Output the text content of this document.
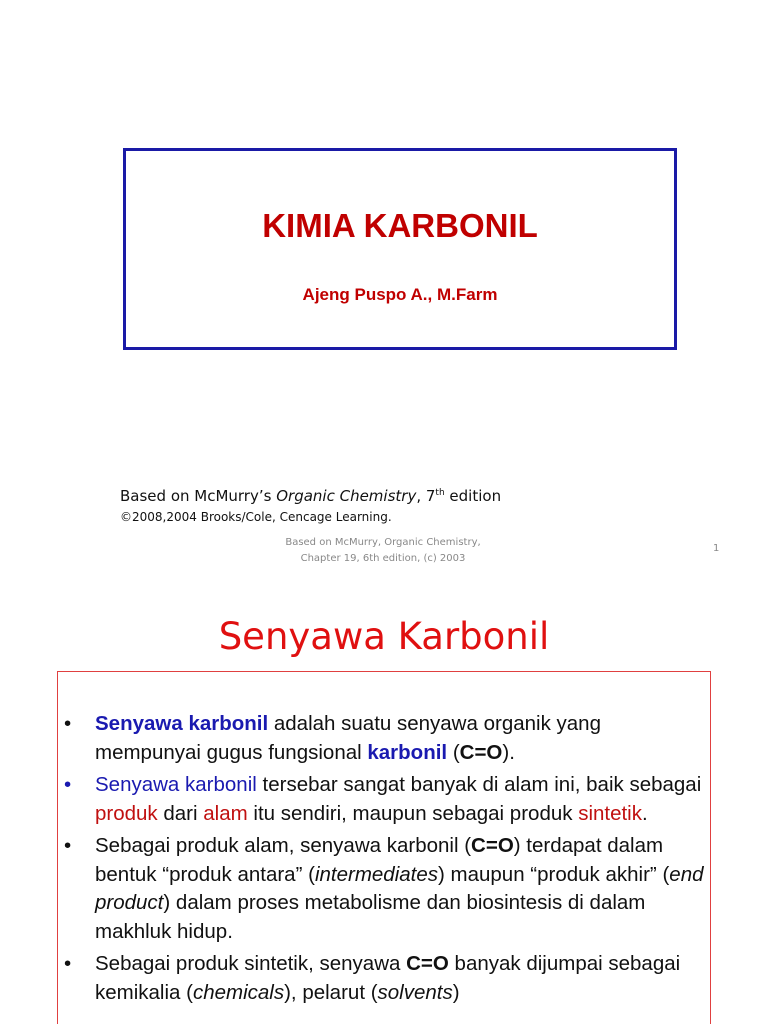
KIMIA KARBONIL
Ajeng Puspo A., M.Farm
Based on McMurry’s Organic Chemistry, 7th edition
©2008,2004 Brooks/Cole, Cencage Learning.
Based on McMurry, Organic Chemistry,
Chapter 19, 6th edition, (c) 2003
1
Senyawa Karbonil
• Senyawa karbonil adalah suatu senyawa organik yang mempunyai gugus fungsional karbonil (C=O).
• Senyawa karbonil tersebar sangat banyak di alam ini, baik sebagai produk dari alam itu sendiri, maupun sebagai produk sintetik.
• Sebagai produk alam, senyawa karbonil (C=O) terdapat dalam bentuk “produk antara” (intermediates) maupun “produk akhir” (end product) dalam proses metabolisme dan biosintesis di dalam makhluk hidup.
• Sebagai produk sintetik, senyawa C=O banyak dijumpai sebagai kemikalia (chemicals), pelarut (solvents)
